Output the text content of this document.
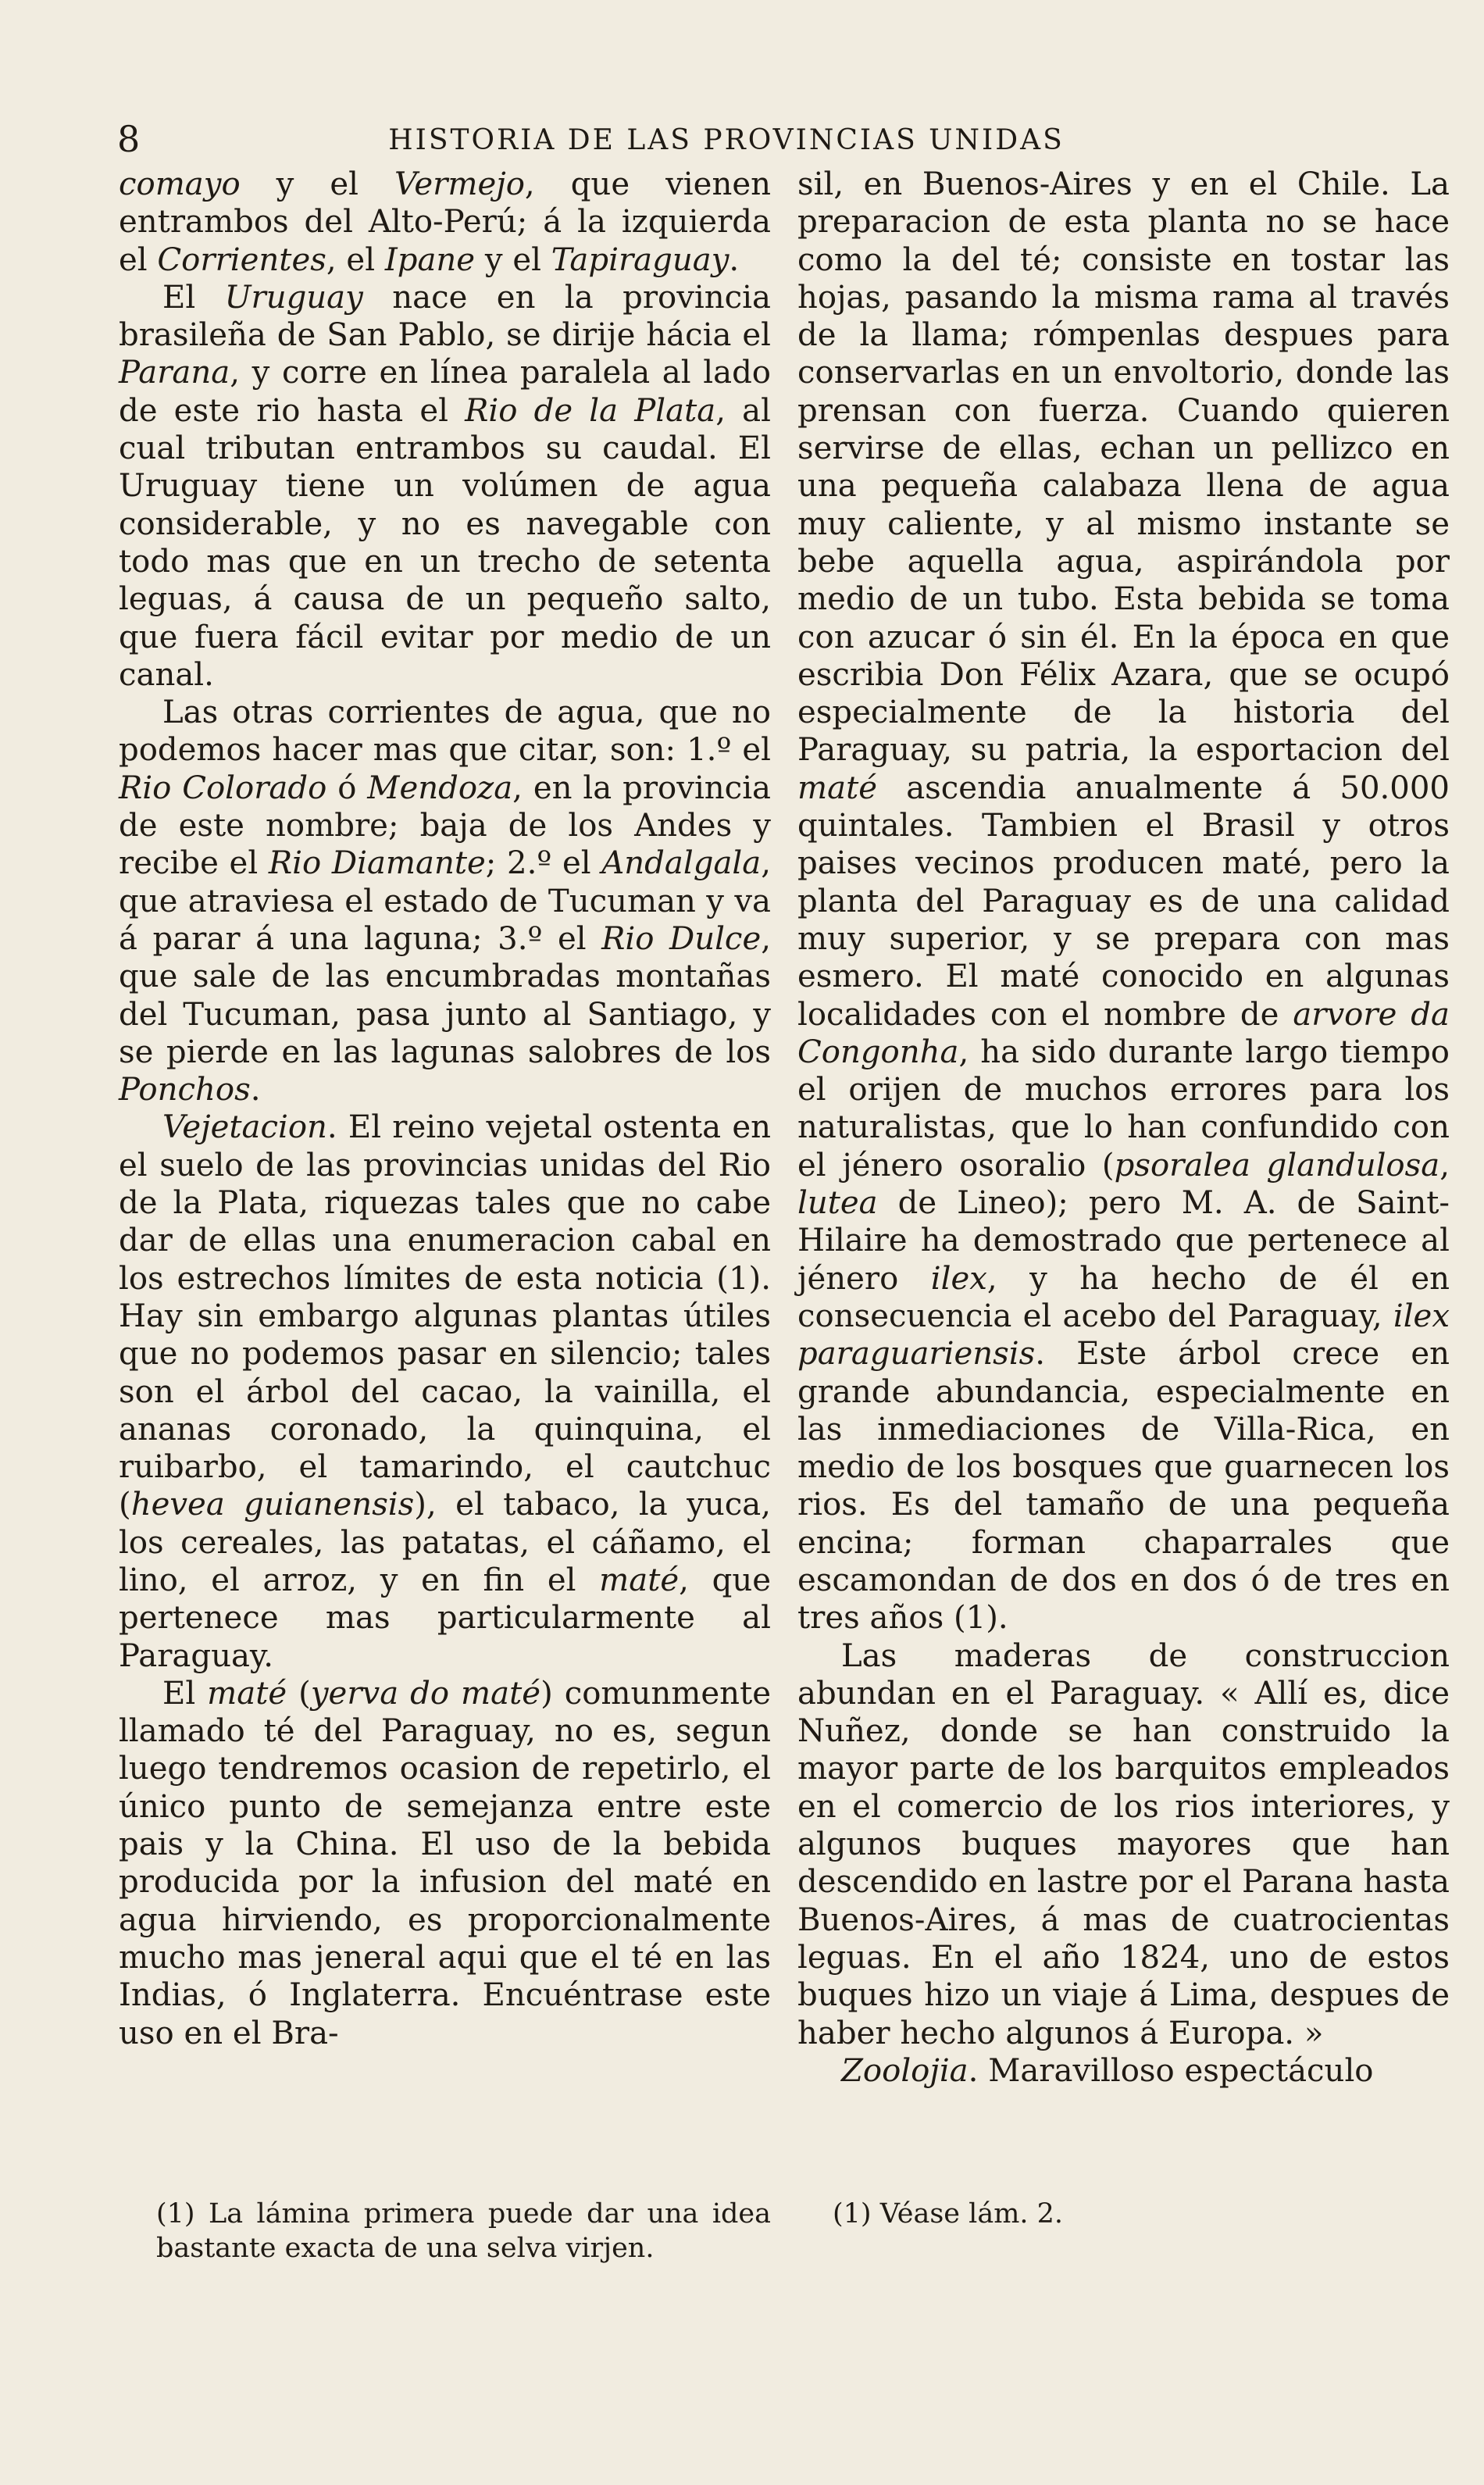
8	HISTORIA DE LAS PROVINCIAS UNIDAS

comayo y el Vermejo, que vienen entrambos del Alto-Perú; á la izquierda el Corrientes, el Ipane y el Tapiraguay.

El Uruguay nace en la provincia brasileña de San Pablo, se dirije hácia el Parana, y corre en línea paralela al lado de este rio hasta el Rio de la Plata, al cual tributan entrambos su caudal. El Uruguay tiene un volúmen de agua considerable, y no es navegable con todo mas que en un trecho de setenta leguas, á causa de un pequeño salto, que fuera fácil evitar por medio de un canal.

Las otras corrientes de agua, que no podemos hacer mas que citar, son: 1.º el Rio Colorado ó Mendoza, en la provincia de este nombre; baja de los Andes y recibe el Rio Diamante; 2.º el Andalgala, que atraviesa el estado de Tucuman y va á parar á una laguna; 3.º el Rio Dulce, que sale de las encumbradas montañas del Tucuman, pasa junto al Santiago, y se pierde en las lagunas salobres de los Ponchos.

Vejetacion. El reino vejetal ostenta en el suelo de las provincias unidas del Rio de la Plata, riquezas tales que no cabe dar de ellas una enumeracion cabal en los estrechos límites de esta noticia (1). Hay sin embargo algunas plantas útiles que no podemos pasar en silencio; tales son el árbol del cacao, la vainilla, el ananas coronado, la quinquina, el ruibarbo, el tamarindo, el cautchuc (hevea guianensis), el tabaco, la yuca, los cereales, las patatas, el cáñamo, el lino, el arroz, y en fin el maté, que pertenece mas particularmente al Paraguay.

El maté (yerva do maté) comunmente llamado té del Paraguay, no es, segun luego tendremos ocasion de repetirlo, el único punto de semejanza entre este pais y la China. El uso de la bebida producida por la infusion del maté en agua hirviendo, es proporcionalmente mucho mas jeneral aqui que el té en las Indias, ó Inglaterra. Encuéntrase este uso en el Bra-

sil, en Buenos-Aires y en el Chile. La preparacion de esta planta no se hace como la del té; consiste en tostar las hojas, pasando la misma rama al través de la llama; rómpenlas despues para conservarlas en un envoltorio, donde las prensan con fuerza. Cuando quieren servirse de ellas, echan un pellizco en una pequeña calabaza llena de agua muy caliente, y al mismo instante se bebe aquella agua, aspirándola por medio de un tubo. Esta bebida se toma con azucar ó sin él. En la época en que escribia Don Félix Azara, que se ocupó especialmente de la historia del Paraguay, su patria, la esportacion del maté ascendia anualmente á 50.000 quintales. Tambien el Brasil y otros paises vecinos producen maté, pero la planta del Paraguay es de una calidad muy superior, y se prepara con mas esmero. El maté conocido en algunas localidades con el nombre de arvore da Congonha, ha sido durante largo tiempo el orijen de muchos errores para los naturalistas, que lo han confundido con el jénero osoralio (psoralea glandulosa, lutea de Lineo); pero M. A. de Saint-Hilaire ha demostrado que pertenece al jénero ilex, y ha hecho de él en consecuencia el acebo del Paraguay, ilex paraguariensis. Este árbol crece en grande abundancia, especialmente en las inmediaciones de Villa-Rica, en medio de los bosques que guarnecen los rios. Es del tamaño de una pequeña encina; forman chaparrales que escamondan de dos en dos ó de tres en tres años (1).

Las maderas de construccion abundan en el Paraguay. « Allí es, dice Nuñez, donde se han construido la mayor parte de los barquitos empleados en el comercio de los rios interiores, y algunos buques mayores que han descendido en lastre por el Parana hasta Buenos-Aires, á mas de cuatrocientas leguas. En el año 1824, uno de estos buques hizo un viaje á Lima, despues de haber hecho algunos á Europa. »

Zoolojia. Maravilloso espectáculo

(1) La lámina primera puede dar una idea bastante exacta de una selva virjen.
(1) Véase lám. 2.
